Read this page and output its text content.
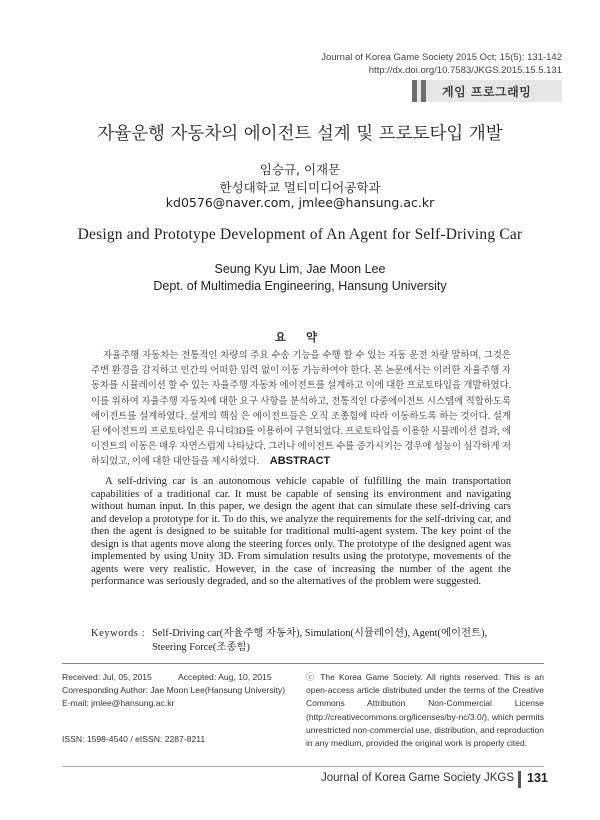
Journal of Korea Game Society 2015 Oct; 15(5): 131-142
http://dx.doi.org/10.7583/JKGS.2015.15.5.131
게임 프로그래밍
자율운행 자동차의 에이전트 설계 및 프로토타입 개발
임승규, 이재문
한성대학교 멀티미디어공학과
kd0576@naver.com, jmlee@hansung.ac.kr
Design and Prototype Development of An Agent for Self-Driving Car
Seung Kyu Lim, Jae Moon Lee
Dept. of Multimedia Engineering, Hansung University
요 약
자율주행 자동차는 전통적인 차량의 주요 수송 기능을 수행 할 수 있는 자동 운전 차량 말하며, 그것은 주변 환경을 감지하고 인간의 어떠한 입력 없이 이동 가능하여야 한다. 본 논문에서는 이러한 자율주행 자동차를 시뮬레이션 할 수 있는 자율주행 자동차 에이전트를 설계하고 이에 대한 프로토타입을 개발하였다. 이를 위하여 자율주행 자동차에 대한 요구 사항을 분석하고, 전통적인 다중에이전트 시스템에 적합하도록 에이전트를 설계하였다. 설계의 핵심 은 에이전트들은 오직 조종힘에 따라 이동하도록 하는 것이다. 설계된 에이전트의 프로토타입은 유니티3D를 이용하여 구현되었다. 프로토타입을 이용한 시뮬레이션 결과, 에이전트의 이동은 매우 자연스럽게 나타났다. 그러나 에이전트 수를 증가시키는 경우에 성능이 심각하게 저하되었고, 이에 대한 대안들을 제시하였다. ABSTRACT
A self-driving car is an autonomous vehicle capable of fulfilling the main transportation capabilities of a traditional car. It must be capable of sensing its environment and navigating without human input. In this paper, we design the agent that can simulate these self-driving cars and develop a prototype for it. To do this, we analyze the requirements for the self-driving car, and then the agent is designed to be suitable for traditional multi-agent system. The key point of the design is that agents move along the steering forces only. The prototype of the designed agent was implemented by using Unity 3D. From simulation results using the prototype, movements of the agents were very realistic. However, in the case of increasing the number of the agent the performance was seriously degraded, and so the alternatives of the problem were suggested.
Keywords : Self-Driving car(자율주행 자동차), Simulation(시뮬레이션), Agent(에이전트),
Steering Force(조종힘)
Received: Jul, 05, 2015	Accepted: Aug, 10, 2015
Corresponding Author: Jae Moon Lee(Hansung University)
E-mail: jmlee@hansung.ac.kr
ISSN: 1598-4540 / eISSN: 2287-8211
ⓒ The Korea Game Society. All rights reserved. This is an open-access article distributed under the terms of the Creative Commons Attribution Non-Commercial License (http://creativecommons.org/licenses/by-nc/3.0/), which permits unrestricted non-commercial use, distribution, and reproduction in any medium, provided the original work is properly cited.
Journal of Korea Game Society JKGS 131
